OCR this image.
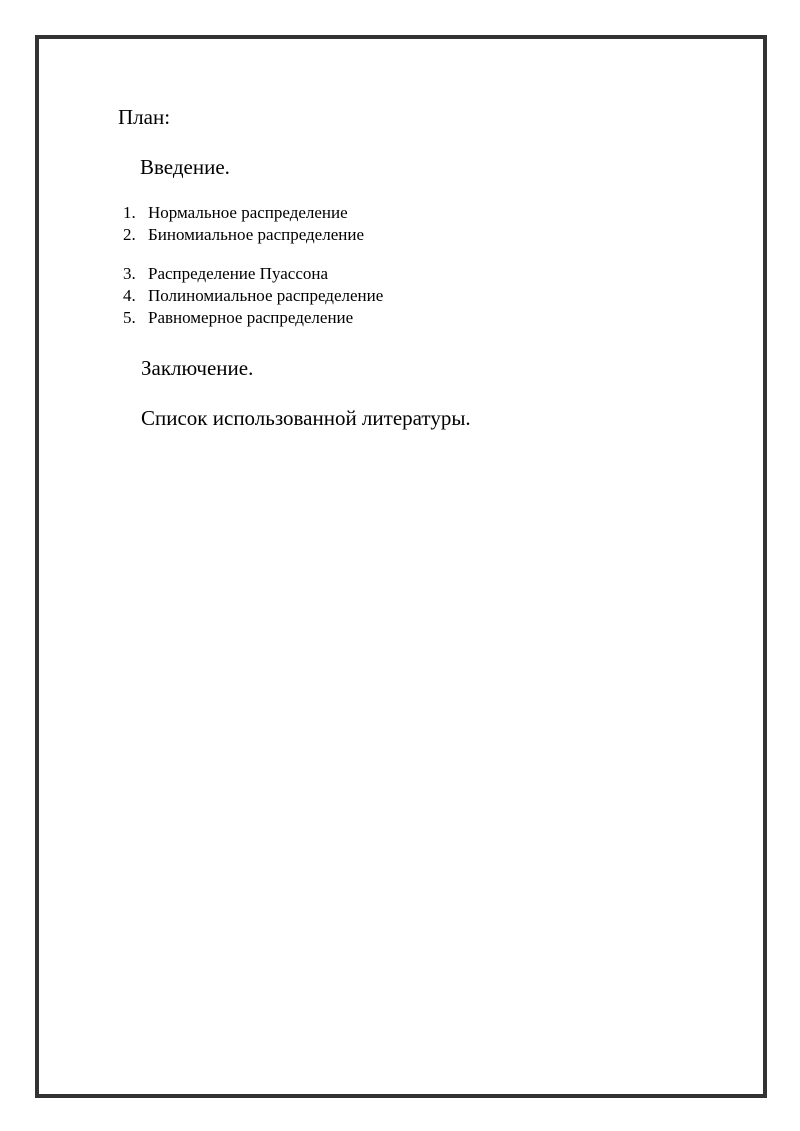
План:

Введение.

1. Нормальное распределение
2. Биномиальное распределение
3. Распределение Пуассона
4. Полиномиальное распределение
5. Равномерное распределение

Заключение.

Список использованной литературы.
